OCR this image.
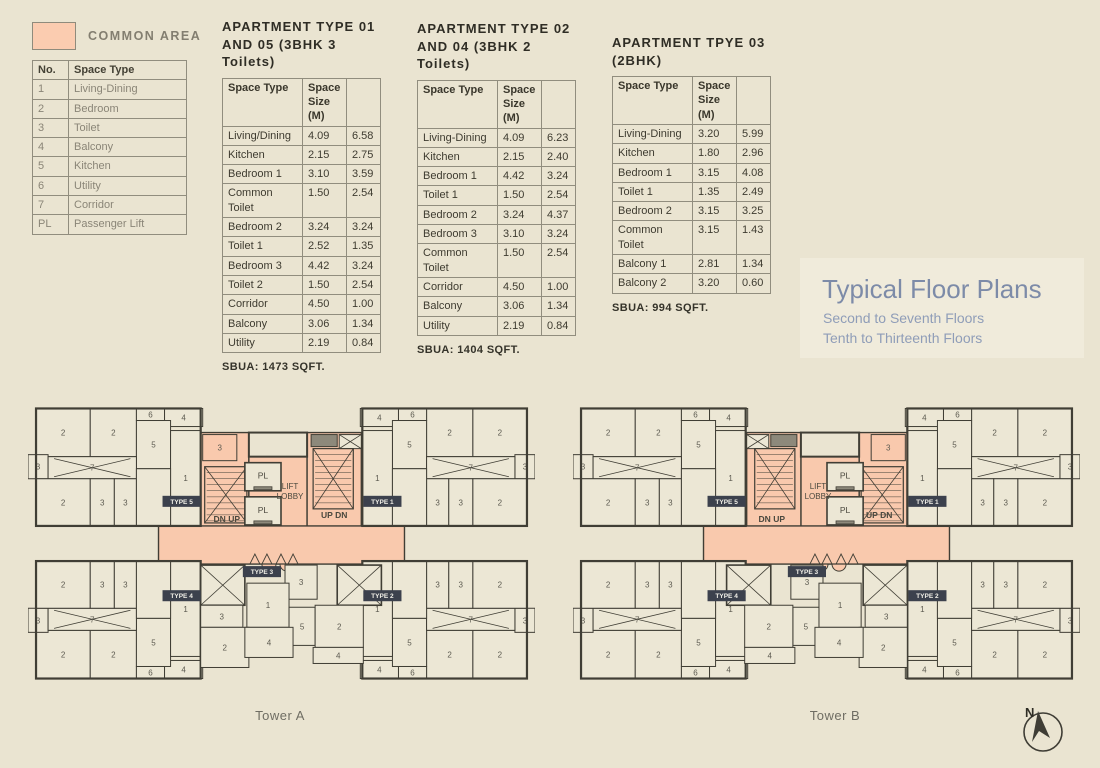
COMMON AREA
No.	Space Type
1	Living-Dining
2	Bedroom
3	Toilet
4	Balcony
5	Kitchen
6	Utility
7	Corridor
PL	Passenger Lift
APARTMENT TYPE 01
AND 05 (3BHK 3 Toilets)
Space Type	Space Size (M)	
Living/Dining	4.09	6.58
Kitchen	2.15	2.75
Bedroom 1	3.10	3.59
Common Toilet	1.50	2.54
Bedroom 2	3.24	3.24
Toilet 1	2.52	1.35
Bedroom 3	4.42	3.24
Toilet 2	1.50	2.54
Corridor	4.50	1.00
Balcony	3.06	1.34
Utility	2.19	0.84
SBUA: 1473 SQFT.
APARTMENT TYPE 02
AND 04 (3BHK 2 Toilets)
Space Type	Space Size (M)	
Living-Dining	4.09	6.23
Kitchen	2.15	2.40
Bedroom 1	4.42	3.24
Toilet 1	1.50	2.54
Bedroom 2	3.24	4.37
Bedroom 3	3.10	3.24
Common Toilet	1.50	2.54
Corridor	4.50	1.00
Balcony	3.06	1.34
Utility	2.19	0.84
SBUA: 1404 SQFT.
APARTMENT TPYE 03 (2BHK)
Space Type	Space Size (M)	
Living-Dining	3.20	5.99
Kitchen	1.80	2.96
Bedroom 1	3.15	4.08
Toilet 1	1.35	2.49
Bedroom 2	3.15	3.25
Common Toilet	3.15	1.43
Balcony 1	2.81	1.34
Balcony 2	3.20	0.60
SBUA: 994 SQFT.
Typical Floor Plans
Second to Seventh Floors
Tenth to Thirteenth Floors
2	2
6	4
5
1
3	7
2	3 3
2
2
6
4
5
1
3
7
2
3
3
2	2
6	4
5
1
3	7
2	3 3
2
2
6
4
5
1
3
7
2
3
3
3
DN UP	UP DN
PL
PL
LIFT
LOBBY
3
1
3
2
5	2
4
4
TYPE 5	TYPE 1
TYPE 4	TYPE 2
TYPE 3
2
2
6
4
5
1
3
7
2
3
3
2	2
6	4
5
1
3	7
2	3 3
2
2
6
4
5
1
3
7
2
3
3
2	2
6	4
5
1
3	7
2	3 3
3
DN UP	UP DN
PL
PL
LIFT
LOBBY
3
1
3
2
5
2
4
4
TYPE 5	TYPE 1
TYPE 4	TYPE 2
TYPE 3
Tower A	Tower B	N
